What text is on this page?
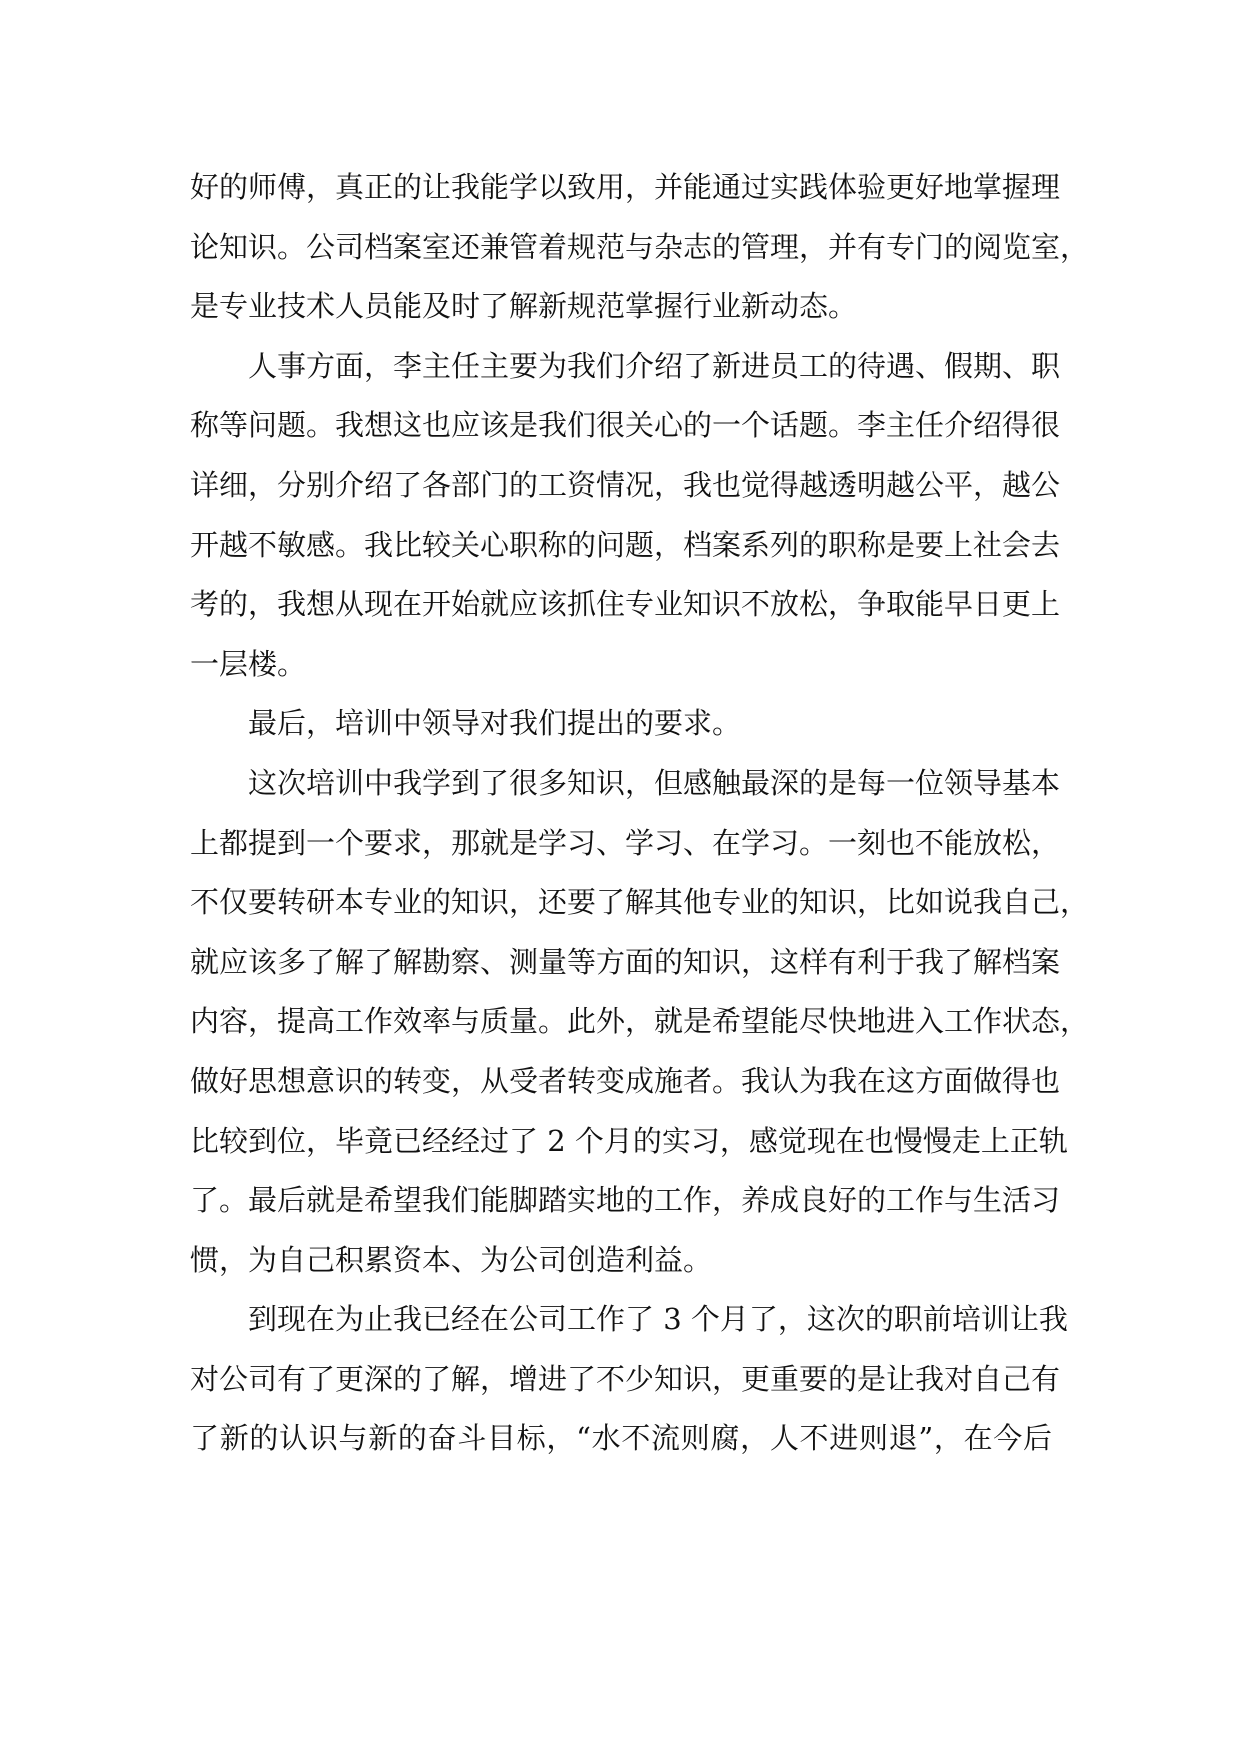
好的师傅，真正的让我能学以致用，并能通过实践体验更好地掌握理
论知识。公司档案室还兼管着规范与杂志的管理，并有专门的阅览室，
是专业技术人员能及时了解新规范掌握行业新动态。
人事方面，李主任主要为我们介绍了新进员工的待遇、假期、职
称等问题。我想这也应该是我们很关心的一个话题。李主任介绍得很
详细，分别介绍了各部门的工资情况，我也觉得越透明越公平，越公
开越不敏感。我比较关心职称的问题，档案系列的职称是要上社会去
考的，我想从现在开始就应该抓住专业知识不放松，争取能早日更上
一层楼。
最后，培训中领导对我们提出的要求。
这次培训中我学到了很多知识，但感触最深的是每一位领导基本
上都提到一个要求，那就是学习、学习、在学习。一刻也不能放松，
不仅要转研本专业的知识，还要了解其他专业的知识，比如说我自己，
就应该多了解了解勘察、测量等方面的知识，这样有利于我了解档案
内容，提高工作效率与质量。此外，就是希望能尽快地进入工作状态，
做好思想意识的转变，从受者转变成施者。我认为我在这方面做得也
比较到位，毕竟已经经过了 2 个月的实习，感觉现在也慢慢走上正轨
了。最后就是希望我们能脚踏实地的工作，养成良好的工作与生活习
惯，为自己积累资本、为公司创造利益。
到现在为止我已经在公司工作了 3 个月了，这次的职前培训让我
对公司有了更深的了解，增进了不少知识，更重要的是让我对自己有
了新的认识与新的奋斗目标，“水不流则腐，人不进则退”，在今后
